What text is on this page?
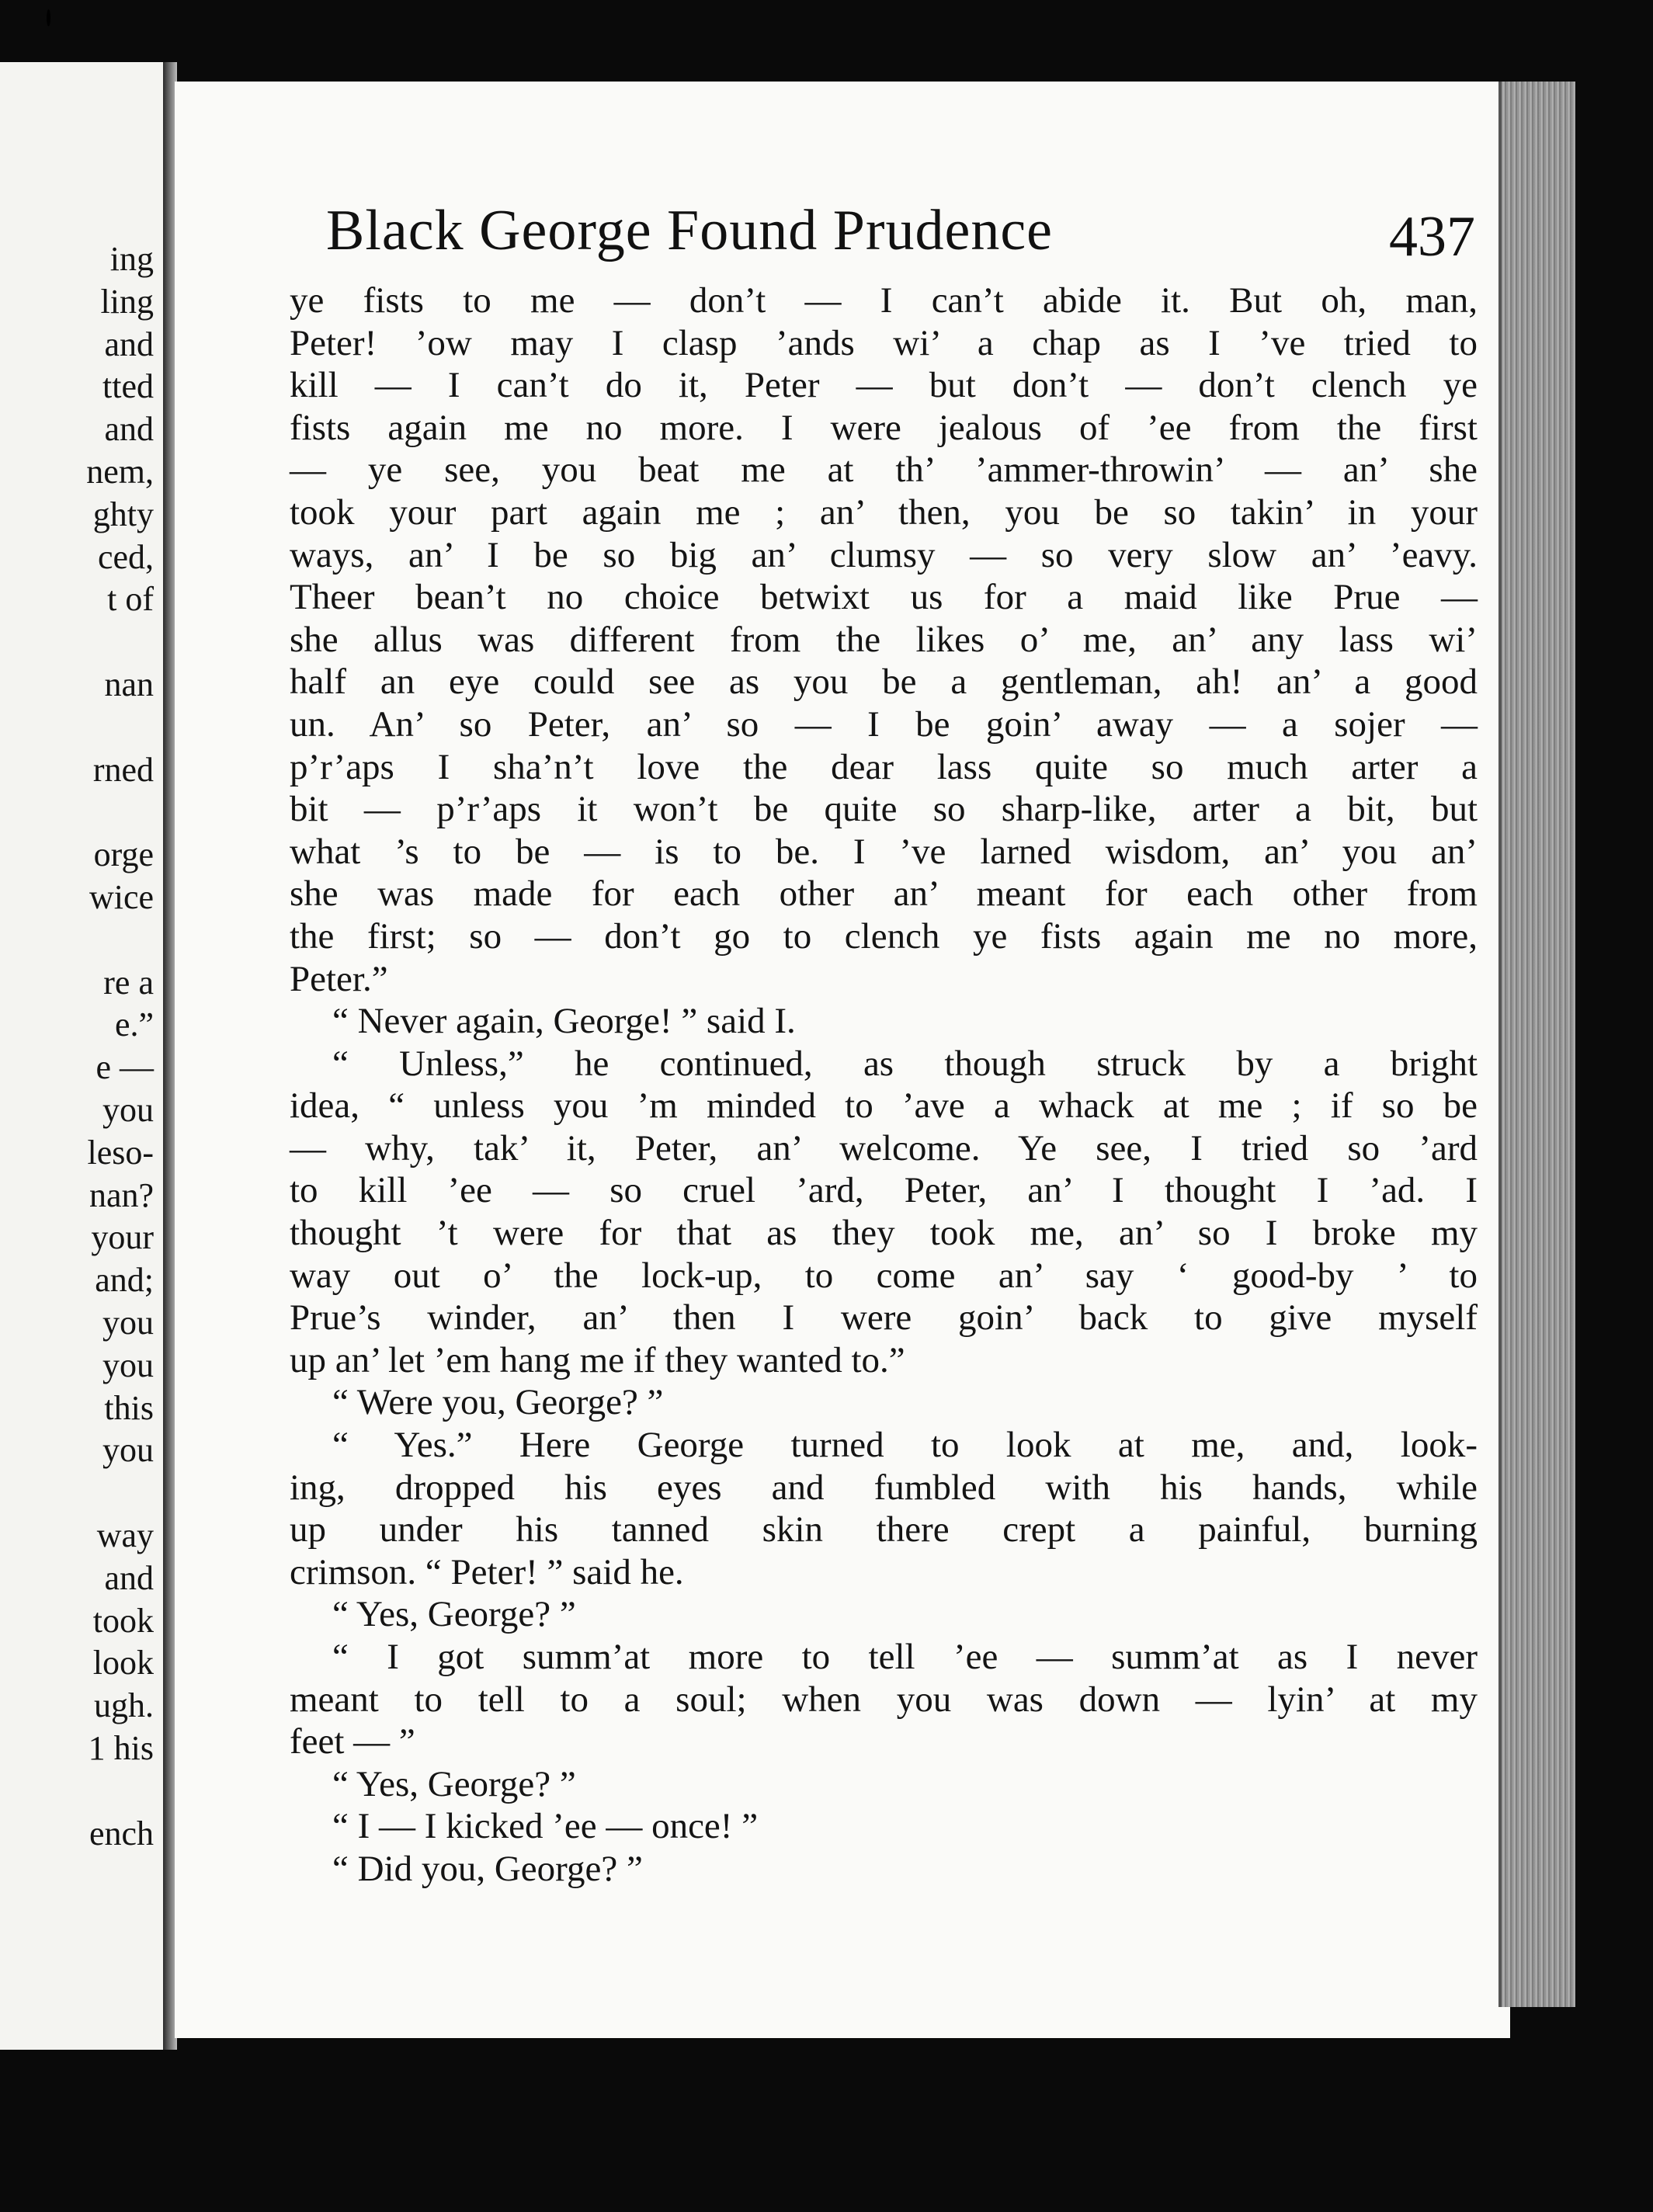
ing
ling
and
tted
and
nem,
ghty
ced,
t of
nan
rned
orge
wice
re a
e.”
e —
you
leso-
nan?
your
and;
you
you
this
you
way
and
took
look
ugh.
1 his
ench
Black George Found Prudence	437
ye fists to me — don’t — I can’t abide it. But oh, man,
Peter! ’ow may I clasp ’ands wi’ a chap as I ’ve tried to
kill — I can’t do it, Peter — but don’t — don’t clench ye
fists again me no more. I were jealous of ’ee from the first
— ye see, you beat me at th’ ’ammer-throwin’ — an’ she
took your part again me ; an’ then, you be so takin’ in your
ways, an’ I be so big an’ clumsy — so very slow an’ ’eavy.
Theer bean’t no choice betwixt us for a maid like Prue —
she allus was different from the likes o’ me, an’ any lass wi’
half an eye could see as you be a gentleman, ah! an’ a good
un. An’ so Peter, an’ so — I be goin’ away — a sojer —
p’r’aps I sha’n’t love the dear lass quite so much arter a
bit — p’r’aps it won’t be quite so sharp-like, arter a bit, but
what ’s to be — is to be. I ’ve larned wisdom, an’ you an’
she was made for each other an’ meant for each other from
the first; so — don’t go to clench ye fists again me no more,
Peter.”
“ Never again, George! ” said I.
“ Unless,” he continued, as though struck by a bright
idea, “ unless you ’m minded to ’ave a whack at me ; if so be
— why, tak’ it, Peter, an’ welcome. Ye see, I tried so ’ard
to kill ’ee — so cruel ’ard, Peter, an’ I thought I ’ad. I
thought ’t were for that as they took me, an’ so I broke my
way out o’ the lock-up, to come an’ say ‘ good-by ’ to
Prue’s winder, an’ then I were goin’ back to give myself
up an’ let ’em hang me if they wanted to.”
“ Were you, George? ”
“ Yes.” Here George turned to look at me, and, look-
ing, dropped his eyes and fumbled with his hands, while
up under his tanned skin there crept a painful, burning
crimson. “ Peter! ” said he.
“ Yes, George? ”
“ I got summ’at more to tell ’ee — summ’at as I never
meant to tell to a soul; when you was down — lyin’ at my
feet — ”
“ Yes, George? ”
“ I — I kicked ’ee — once! ”
“ Did you, George? ”
